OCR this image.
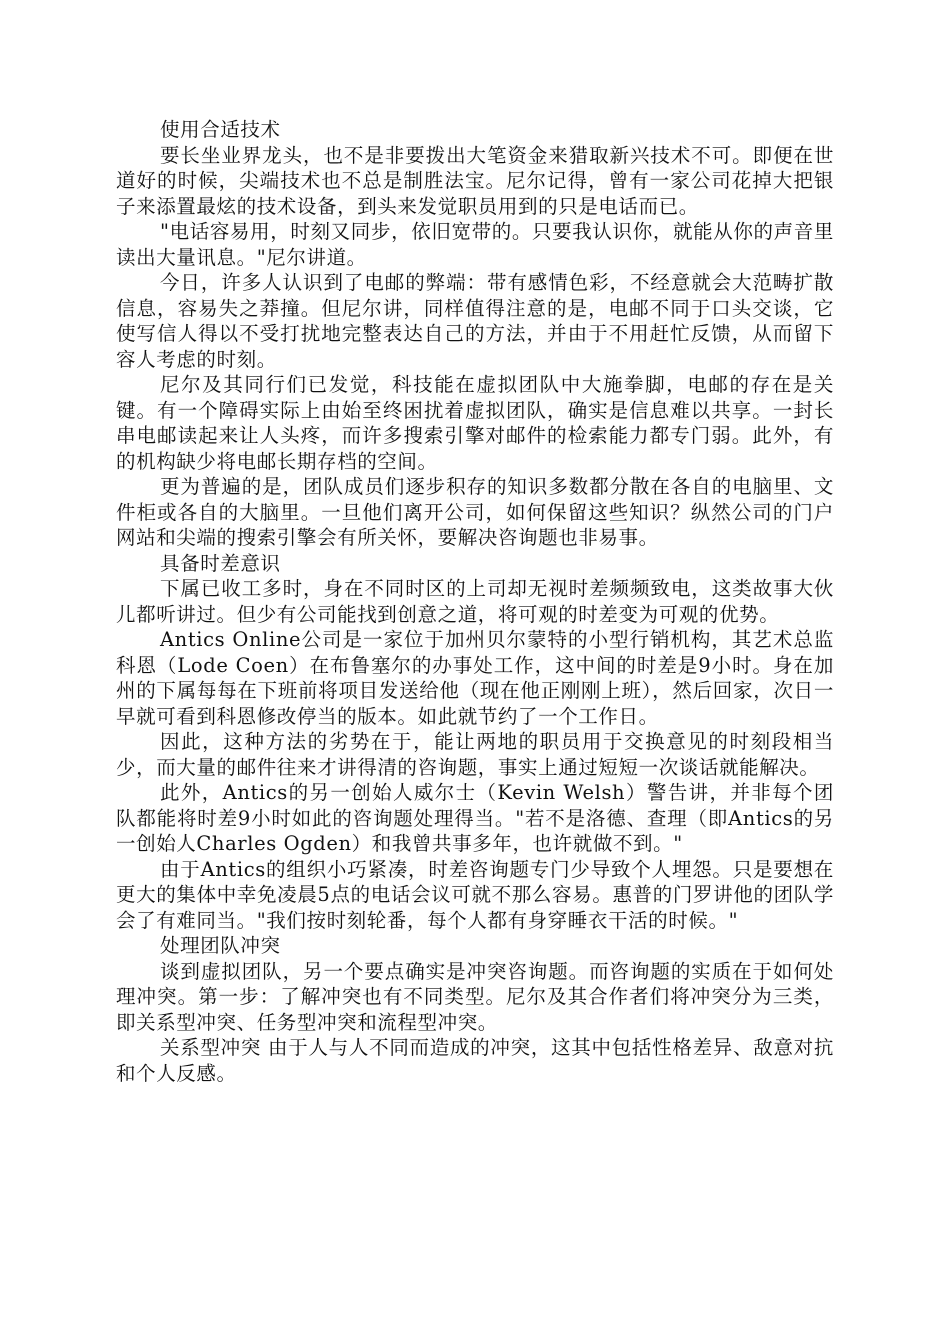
使用合适技术

要长坐业界龙头，也不是非要拨出大笔资金来猎取新兴技术不可。即便在世道好的时候，尖端技术也不总是制胜法宝。尼尔记得，曾有一家公司花掉大把银子来添置最炫的技术设备，到头来发觉职员用到的只是电话而已。

"电话容易用，时刻又同步，依旧宽带的。只要我认识你，就能从你的声音里读出大量讯息。"尼尔讲道。

今日，许多人认识到了电邮的弊端：带有感情色彩，不经意就会大范畴扩散信息，容易失之莽撞。但尼尔讲，同样值得注意的是，电邮不同于口头交谈，它使写信人得以不受打扰地完整表达自己的方法，并由于不用赶忙反馈，从而留下容人考虑的时刻。

尼尔及其同行们已发觉，科技能在虚拟团队中大施拳脚，电邮的存在是关键。有一个障碍实际上由始至终困扰着虚拟团队，确实是信息难以共享。一封长串电邮读起来让人头疼，而许多搜索引擎对邮件的检索能力都专门弱。此外，有的机构缺少将电邮长期存档的空间。

更为普遍的是，团队成员们逐步积存的知识多数都分散在各自的电脑里、文件柜或各自的大脑里。一旦他们离开公司，如何保留这些知识？纵然公司的门户网站和尖端的搜索引擎会有所关怀，要解决咨询题也非易事。

具备时差意识

下属已收工多时，身在不同时区的上司却无视时差频频致电，这类故事大伙儿都听讲过。但少有公司能找到创意之道，将可观的时差变为可观的优势。

Antics Online公司是一家位于加州贝尔蒙特的小型行销机构，其艺术总监科恩（Lode Coen）在布鲁塞尔的办事处工作，这中间的时差是9小时。身在加州的下属每每在下班前将项目发送给他（现在他正刚刚上班），然后回家，次日一早就可看到科恩修改停当的版本。如此就节约了一个工作日。

因此，这种方法的劣势在于，能让两地的职员用于交换意见的时刻段相当少，而大量的邮件往来才讲得清的咨询题，事实上通过短短一次谈话就能解决。

此外，Antics的另一创始人威尔士（Kevin Welsh）警告讲，并非每个团队都能将时差9小时如此的咨询题处理得当。"若不是洛德、查理（即Antics的另一创始人Charles Ogden）和我曾共事多年，也许就做不到。"

由于Antics的组织小巧紧凑，时差咨询题专门少导致个人埋怨。只是要想在更大的集体中幸免凌晨5点的电话会议可就不那么容易。惠普的门罗讲他的团队学会了有难同当。"我们按时刻轮番，每个人都有身穿睡衣干活的时候。"

处理团队冲突

谈到虚拟团队，另一个要点确实是冲突咨询题。而咨询题的实质在于如何处理冲突。第一步：了解冲突也有不同类型。尼尔及其合作者们将冲突分为三类，即关系型冲突、任务型冲突和流程型冲突。

关系型冲突 由于人与人不同而造成的冲突，这其中包括性格差异、敌意对抗和个人反感。
